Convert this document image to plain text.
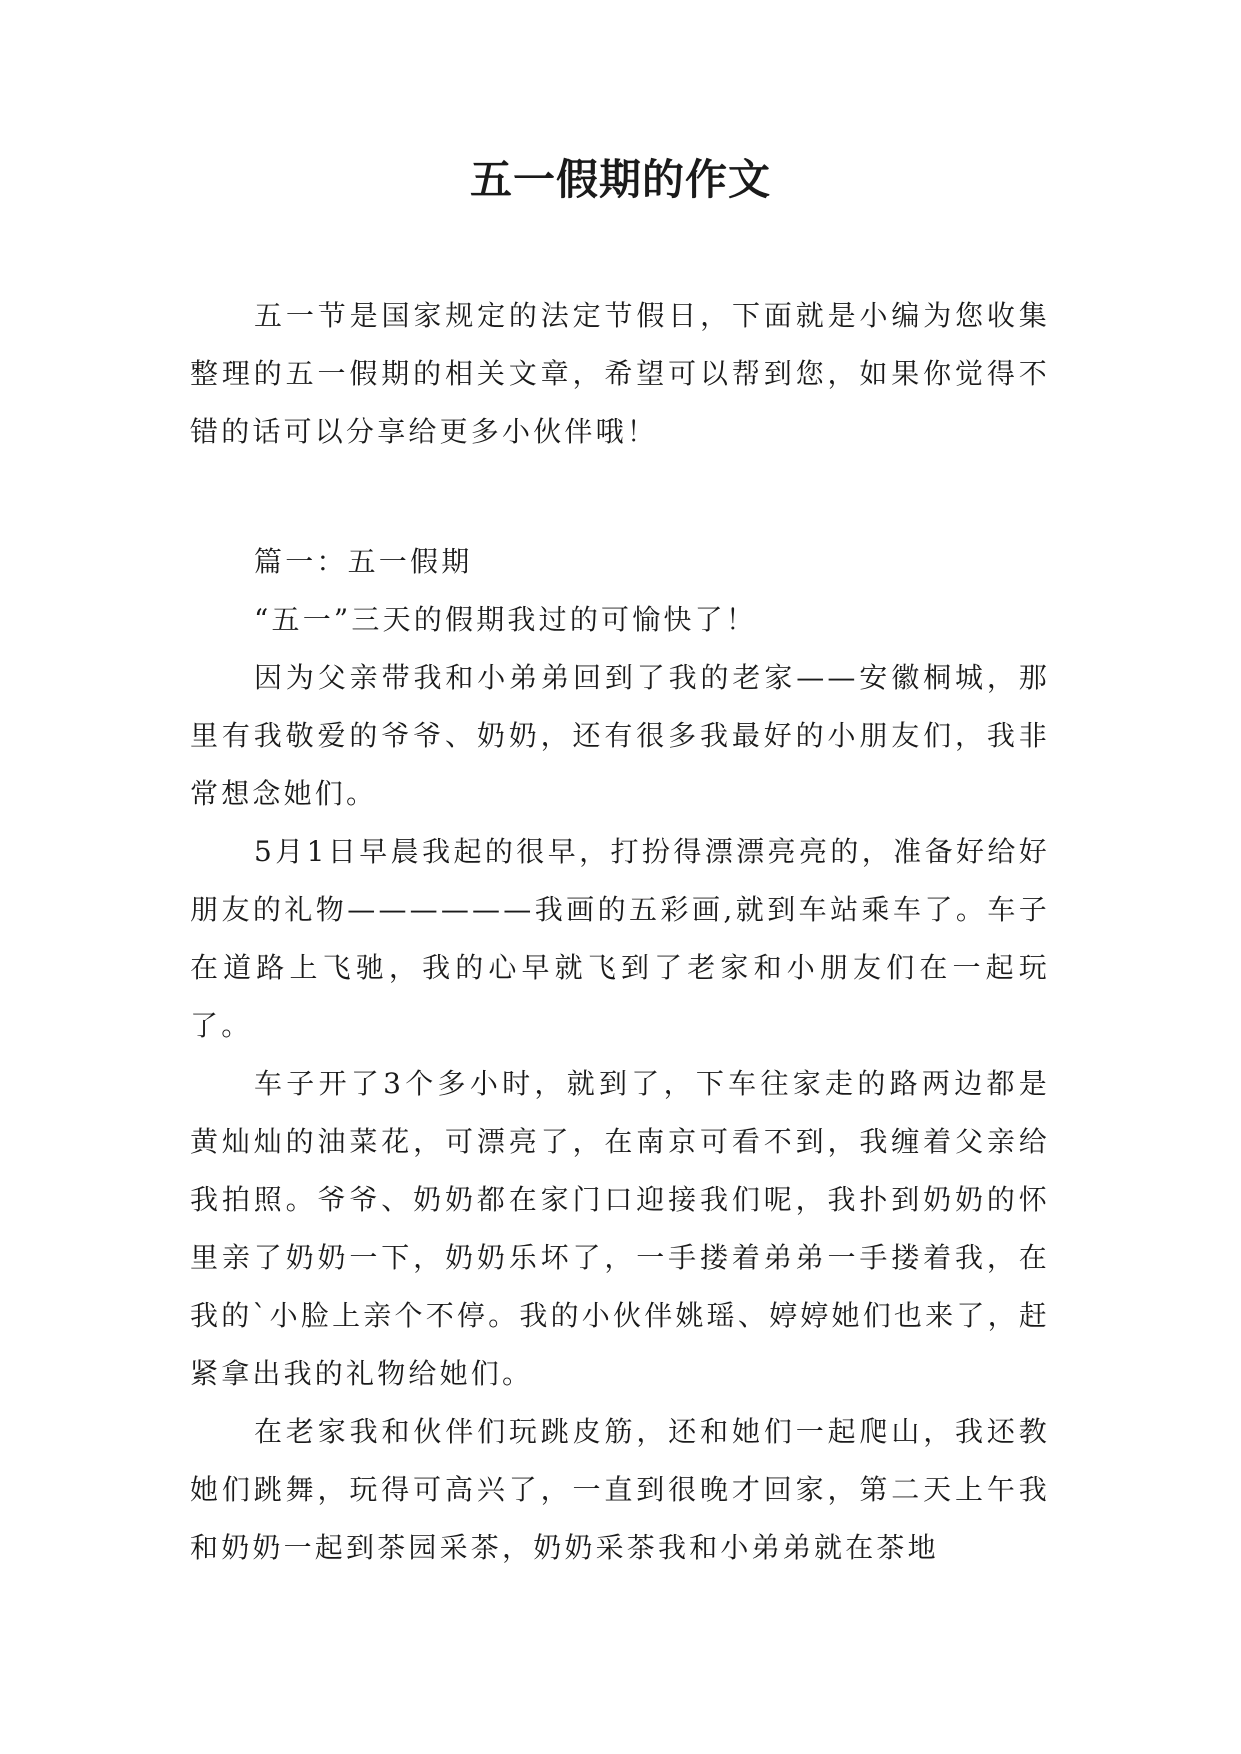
五一假期的作文

五一节是国家规定的法定节假日，下面就是小编为您收集整理的五一假期的相关文章，希望可以帮到您，如果你觉得不错的话可以分享给更多小伙伴哦！

篇一：五一假期

“五一”三天的假期我过的可愉快了！

因为父亲带我和小弟弟回到了我的老家——安徽桐城，那里有我敬爱的爷爷、奶奶，还有很多我最好的小朋友们，我非常想念她们。

5月1日早晨我起的很早，打扮得漂漂亮亮的，准备好给好朋友的礼物——————我画的五彩画,就到车站乘车了。车子在道路上飞驰，我的心早就飞到了老家和小朋友们在一起玩了。

车子开了3个多小时，就到了，下车往家走的路两边都是黄灿灿的油菜花，可漂亮了，在南京可看不到，我缠着父亲给我拍照。爷爷、奶奶都在家门口迎接我们呢，我扑到奶奶的怀里亲了奶奶一下，奶奶乐坏了，一手搂着弟弟一手搂着我，在我的`小脸上亲个不停。我的小伙伴姚瑶、婷婷她们也来了，赶紧拿出我的礼物给她们。

在老家我和伙伴们玩跳皮筋，还和她们一起爬山，我还教她们跳舞，玩得可高兴了，一直到很晚才回家，第二天上午我和奶奶一起到茶园采茶，奶奶采茶我和小弟弟就在茶地
